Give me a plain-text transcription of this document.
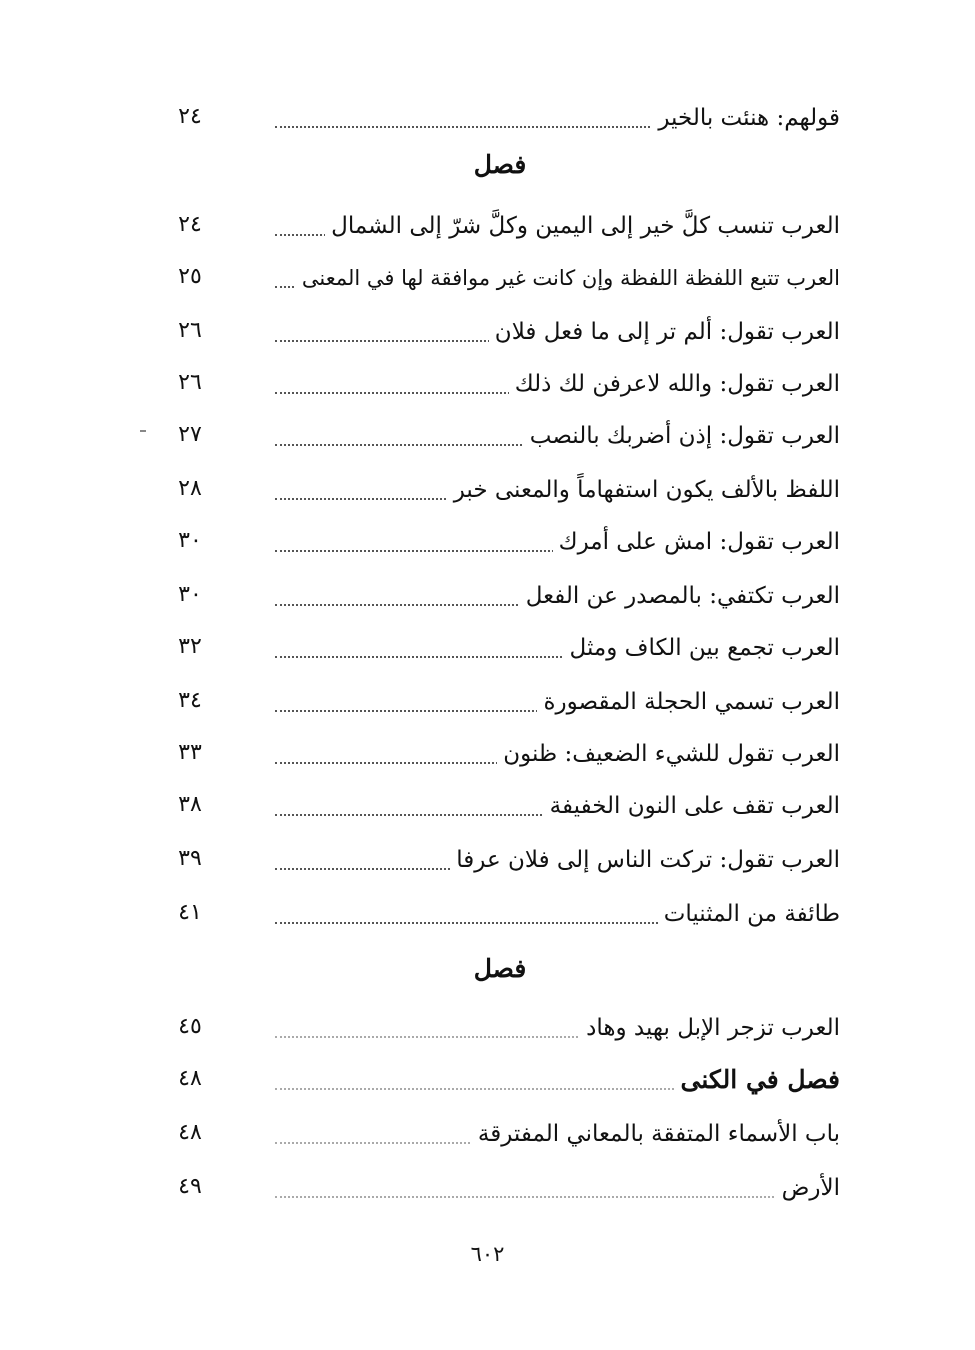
٢٤	قولهم: هنئت بالخير
فصل
٢٤	العرب تنسب كلَّ خير إلى اليمين وكلَّ شرّ إلى الشمال
٢٥	العرب تتبع اللفظة اللفظة وإن كانت غير موافقة لها في المعنى
٢٦	العرب تقول: ألم تر إلى ما فعل فلان
٢٦	العرب تقول: والله لاعرفن لك ذلك
٢٧	العرب تقول: إذن أضربك بالنصب
٢٨	اللفظ بالألف يكون استفهاماً والمعنى خبر
٣٠	العرب تقول: امش على أمرك
٣٠	العرب تكتفي: بالمصدر عن الفعل
٣٢	العرب تجمع بين الكاف ومثل
٣٤	العرب تسمي الحجلة المقصورة
٣٣	العرب تقول للشيء الضعيف: ظنون
٣٨	العرب تقف على النون الخفيفة
٣٩	العرب تقول: تركت الناس إلى فلان عرفا
٤١	طائفة من المثنيات
فصل
٤٥	العرب تزجر الإبل بهيد وهاد
٤٨	فصل في الكنى
٤٨	باب الأسماء المتفقة بالمعاني المفترقة
٤٩	الأرض
٦٠٢
